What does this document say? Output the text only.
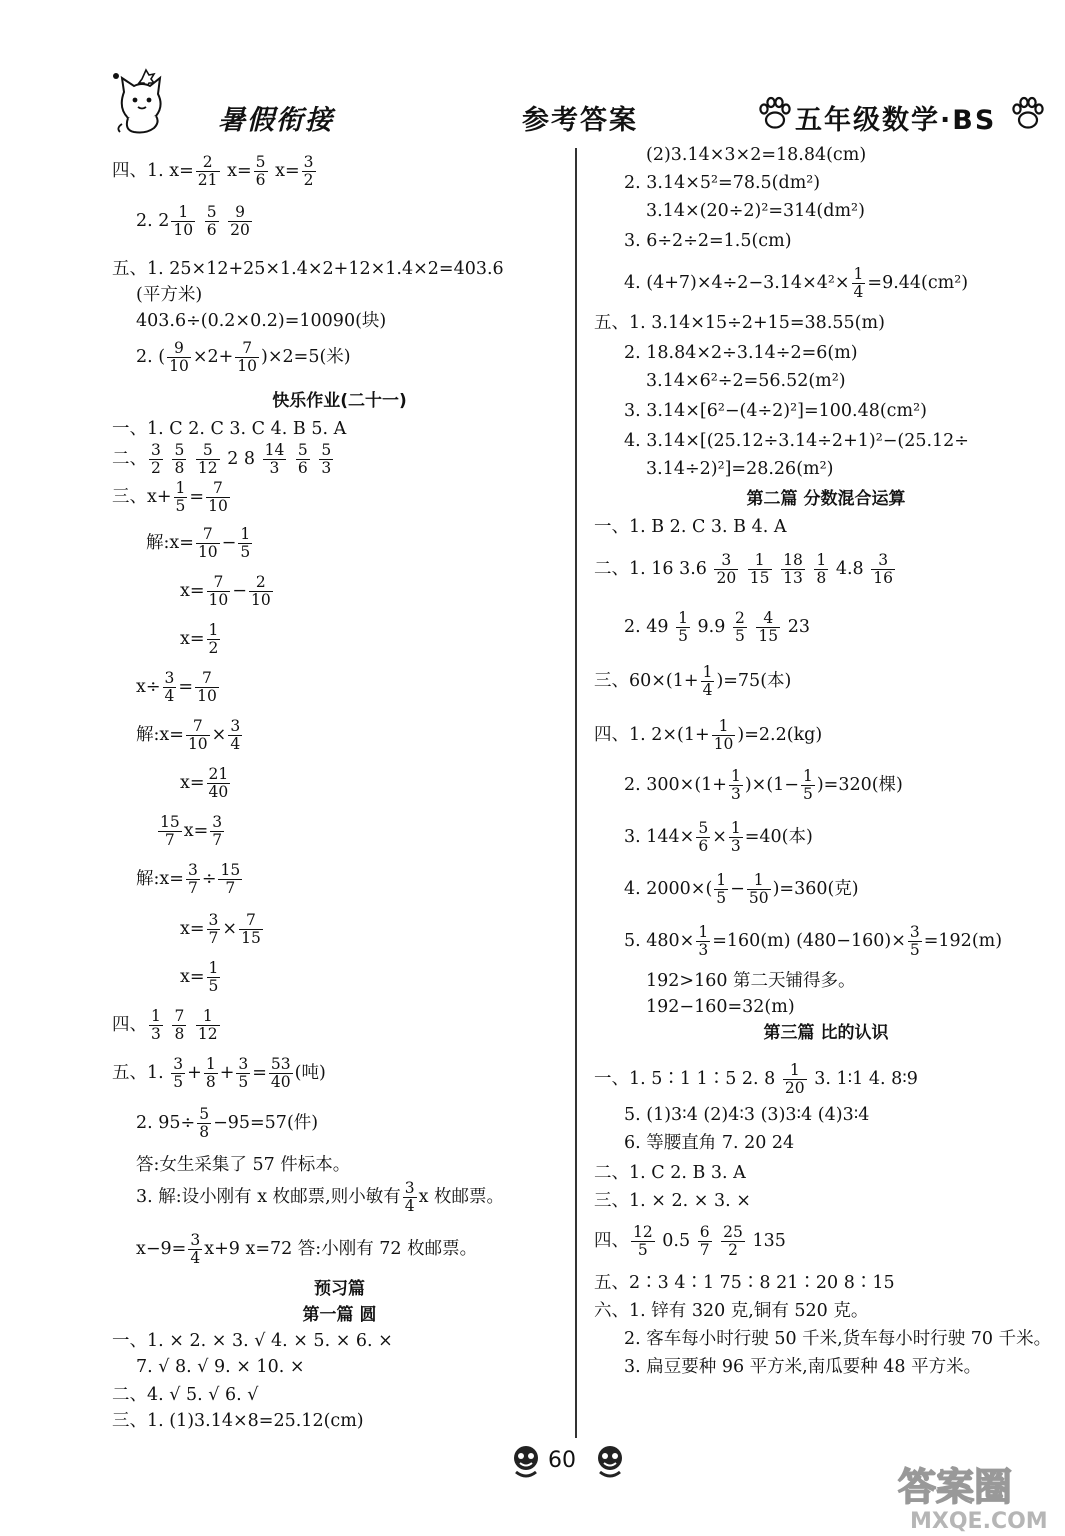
暑假衔接	参考答案	五年级数学·BS
四、1. $x= \frac{2}{21} x= \frac{5}{6} x= \frac{3}{2}$
2. $2 \frac{1}{10}$
$\frac{5}{6}$
$\frac{9}{20}$
五、1. 25×12+25×1.4×2+12×1.4×2=403.6
(平方米)
403.6÷(0.2×0.2)=10090(块)
2. ( $\frac{9}{10} \times 2+ \frac{7}{10} )\times 2=5$(米)
快乐作业(二十一)
一、1. C 2. C 3. C 4. B 5. A
二、 $\frac{3}{2}$
$\frac{5}{8}$
$\frac{5}{12} 2$ $8 \frac{14}{3}$
$\frac{5}{6}$
$\frac{5}{3}$
三、$x+ \frac{1}{5} = \frac{7}{10}$
解:x= $\frac{7}{10} - \frac{1}{5}$
$x= \frac{7}{10} - \frac{2}{10}$
$x= \frac{1}{2}$
$x\div \frac{3}{4} = \frac{7}{10}$
解:x= $\frac{7}{10} \times \frac{3}{4}$
$x= \frac{21}{40}$
$\frac{15}{7} x= \frac{3}{7}$
解:x= $\frac{3}{7} \div \frac{15}{7}$
$x= \frac{3}{7} \times \frac{7}{15}$
$x= \frac{1}{5}$
四、 $\frac{1}{3}$
$\frac{7}{8}$
$\frac{1}{12}$
五、1. $\frac{3}{5} + \frac{1}{8} + \frac{3}{5} = \frac{53}{40}$ (吨)
2. $95\div \frac{5}{8} -95=57$(件)
答:女生采集了 57 件标本。
3. 解:设小刚有 x 枚邮票,则小敏有 $\frac{3}{4}$ x 枚邮票。
$x-9= \frac{3}{4} x+9$ x=72 答:小刚有 72 枚邮票。
预习篇
第一篇 圆
一、1. × 2. × 3. √ 4. × 5. × 6. ×
7. √ 8. √ 9. × 10. ×
二、4. √ 5. √ 6. √
三、1. (1)3.14×8=25.12(cm)
(2)3.14×3×2=18.84(cm)
2. 3.14×5²=78.5(dm²)
3.14×(20÷2)²=314(dm²)
3. 6÷2÷2=1.5(cm)
4. $(4+7)\times 4\div 2-3.14\times 4^2\times \frac{1}{4} =9.44(cm^2)$
五、1. 3.14×15÷2+15=38.55(m)
2. 18.84×2÷3.14÷2=6(m)
3.14×6²÷2=56.52(m²)
3. 3.14×[6²−(4÷2)²]=100.48(cm²)
4. 3.14×[(25.12÷3.14÷2+1)²−(25.12÷
3.14÷2)²]=28.26(m²)
第二篇 分数混合运算
一、1. B 2. C 3. B 4. A
二、1. 16 $3.6 \frac{3}{20}$
$\frac{1}{15}$
$\frac{18}{13}$
$\frac{1}{8} 4.8 \frac{3}{16}$
2. $49 \frac{1}{5} 9.9 \frac{2}{5}$
$\frac{4}{15} 23$
三、$60\times(1+ \frac{1}{4} )=75$(本)
四、1. $2\times(1+ \frac{1}{10} )=2.2(kg)$
2. $300\times(1+ \frac{1}{3} )\times(1- \frac{1}{5} )=320$(棵)
3. $144\times \frac{5}{6} \times \frac{1}{3} =40$(本)
4. $2000\times( \frac{1}{5} - \frac{1}{50} )=360$(克)
5. $480\times \frac{1}{3} =160(m)$ $(480-160)\times \frac{3}{5} =192(m)$
192>160 第二天铺得多。
192−160=32(m)
第三篇 比的认识
一、1. 5∶1 1∶5 2. $8 \frac{1}{20} 3$. 1∶1 4. 8∶9
5. (1)3∶4 (2)4∶3 (3)3∶4 (4)3∶4
6. 等腰直角 7. 20 24
二、1. C 2. B 3. A
三、1. × 2. × 3. ×
四、 $\frac{12}{5} 0.5 \frac{6}{7}$
$\frac{25}{2} 135$
五、2∶3 4∶1 75∶8 21∶20 8∶15
六、1. 锌有 320 克,铜有 520 克。
2. 客车每小时行驶 50 千米,货车每小时行驶 70 千米。
3. 扁豆要种 96 平方米,南瓜要种 48 平方米。
60
答案圈
MXQE.COM
